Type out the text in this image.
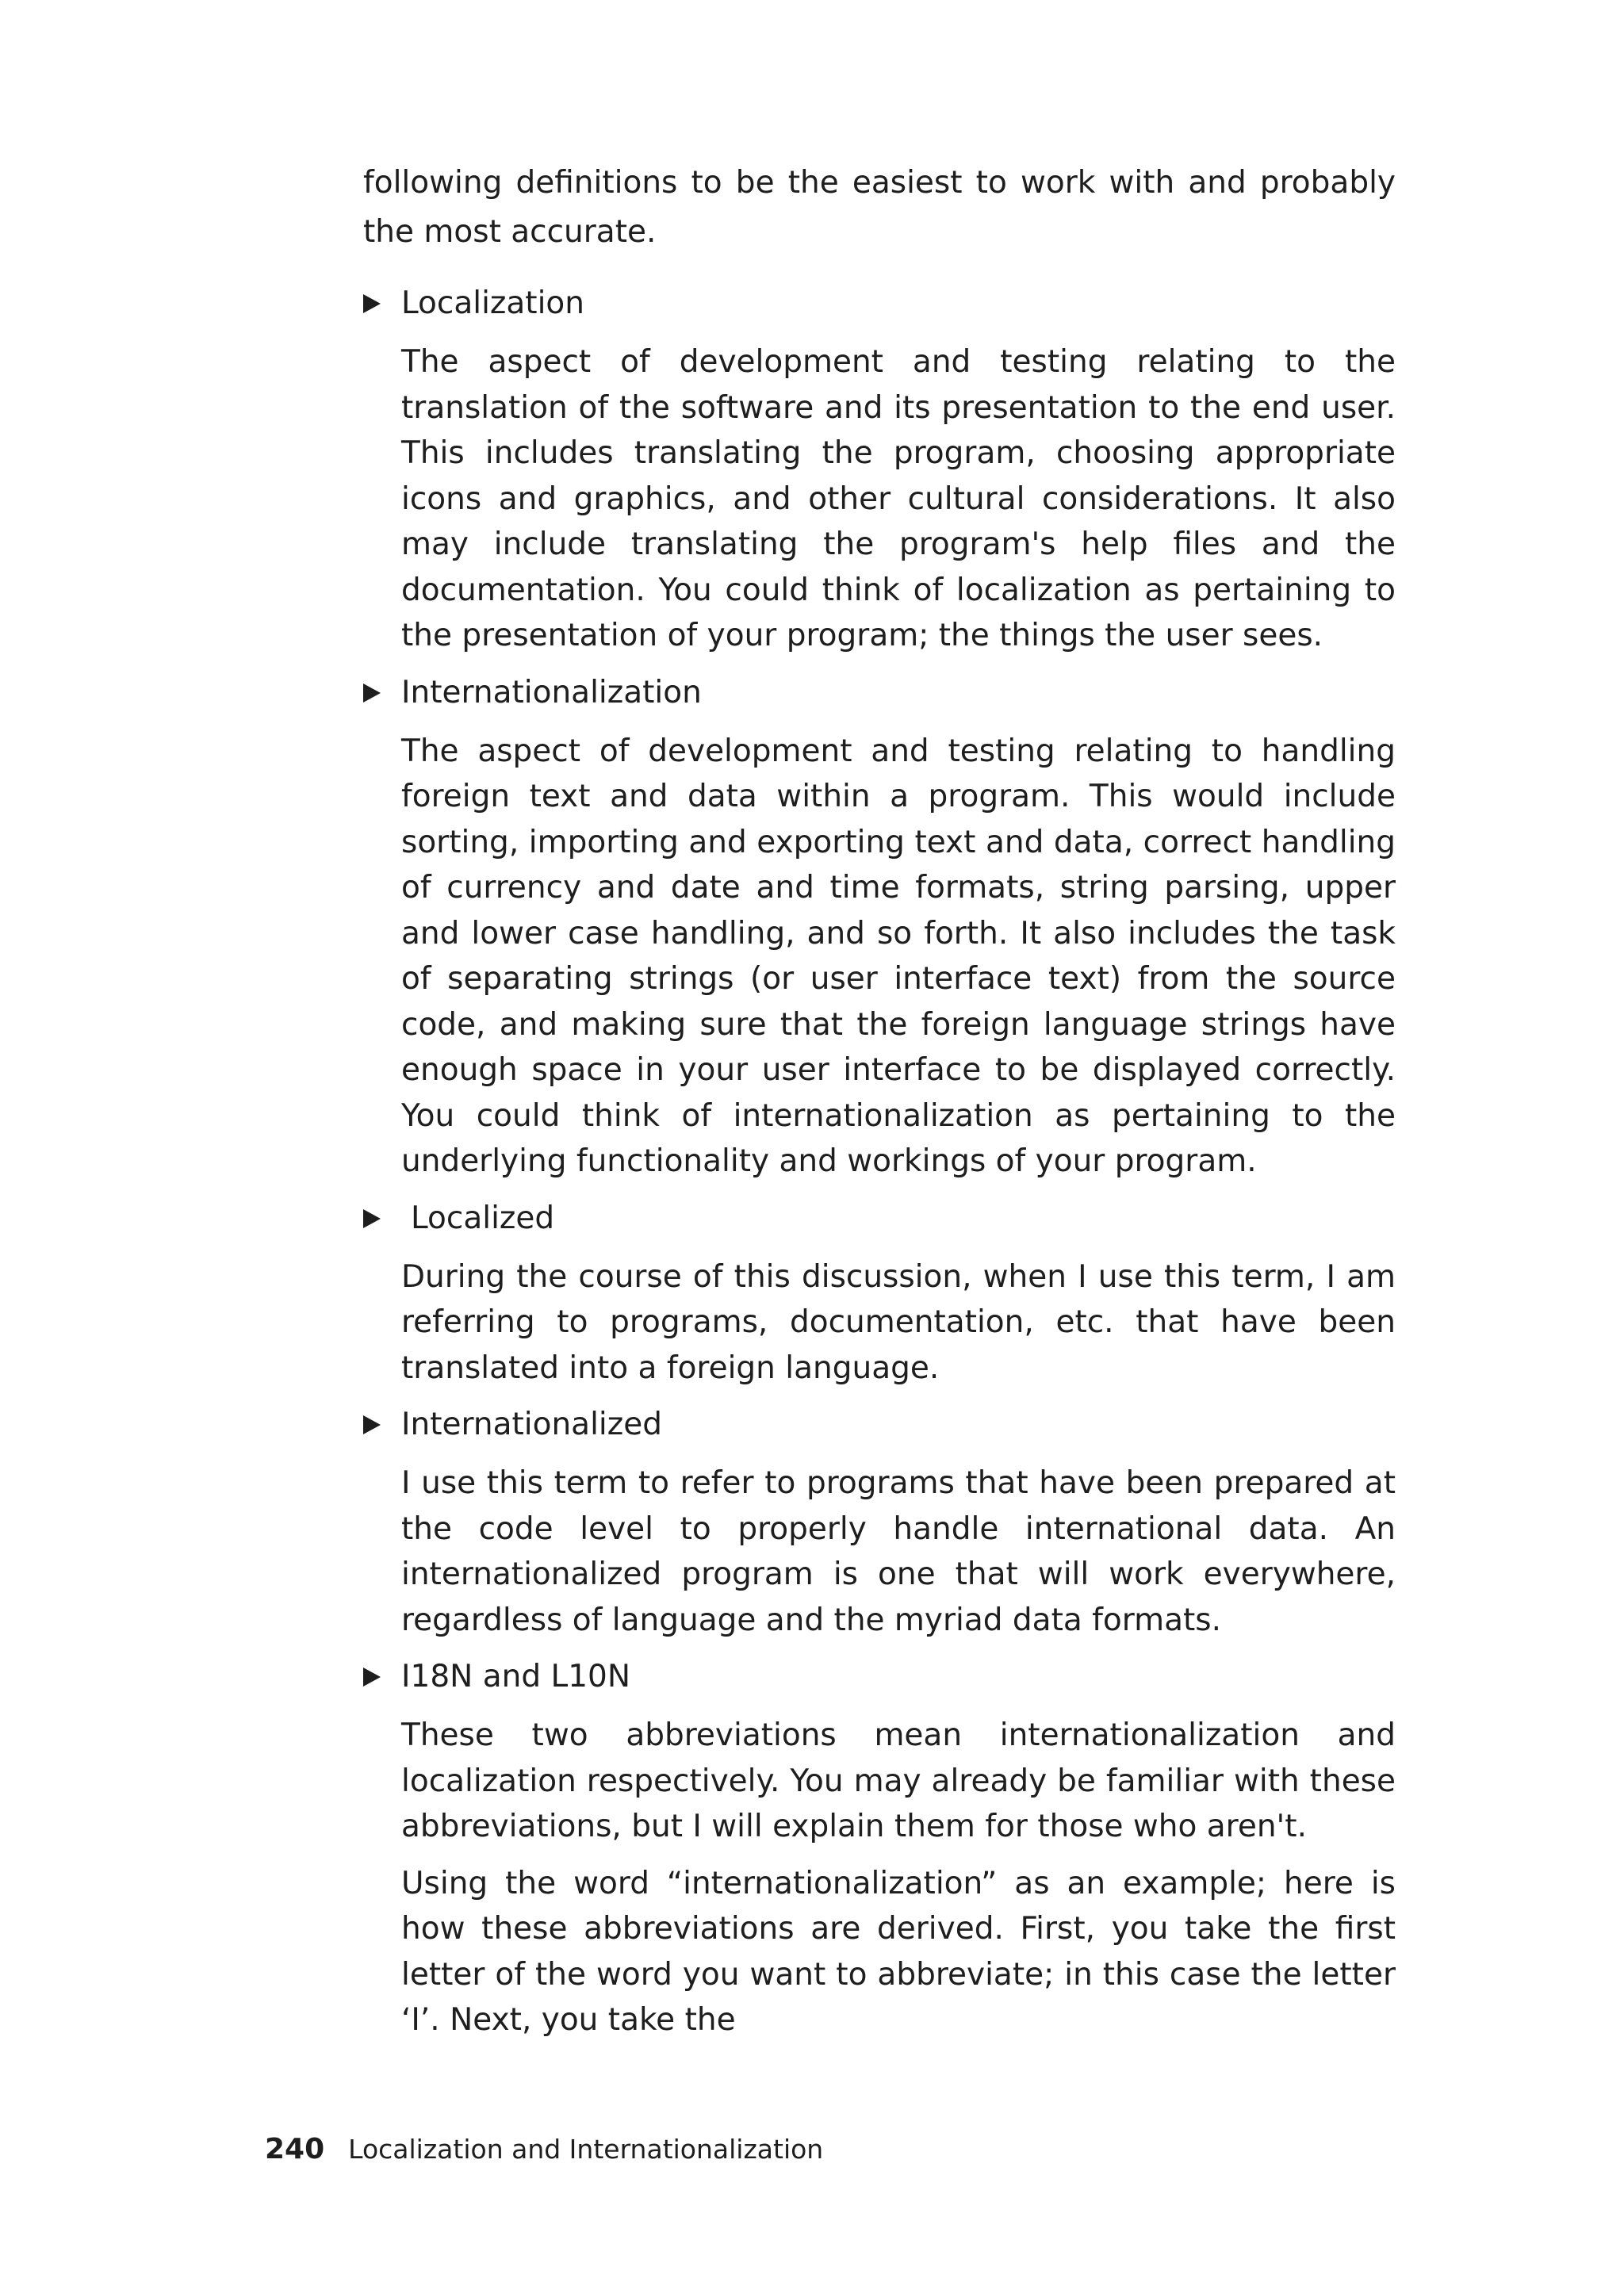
following definitions to be the easiest to work with and probably the most accurate.

Localization

The aspect of development and testing relating to the translation of the software and its presentation to the end user. This includes translating the program, choosing appropriate icons and graphics, and other cultural considerations. It also may include translating the program's help files and the documentation. You could think of localization as pertaining to the presentation of your program; the things the user sees.

Internationalization

The aspect of development and testing relating to handling foreign text and data within a program. This would include sorting, importing and exporting text and data, correct handling of currency and date and time formats, string parsing, upper and lower case handling, and so forth. It also includes the task of separating strings (or user interface text) from the source code, and making sure that the foreign language strings have enough space in your user interface to be displayed correctly. You could think of internationalization as pertaining to the underlying functionality and workings of your program.

Localized

During the course of this discussion, when I use this term, I am referring to programs, documentation, etc. that have been translated into a foreign language.

Internationalized

I use this term to refer to programs that have been prepared at the code level to properly handle international data. An internationalized program is one that will work everywhere, regardless of language and the myriad data formats.

I18N and L10N

These two abbreviations mean internationalization and localization respectively. You may already be familiar with these abbreviations, but I will explain them for those who aren't.

Using the word “internationalization” as an example; here is how these abbreviations are derived. First, you take the first letter of the word you want to abbreviate; in this case the letter ‘I’. Next, you take the

240 Localization and Internationalization
